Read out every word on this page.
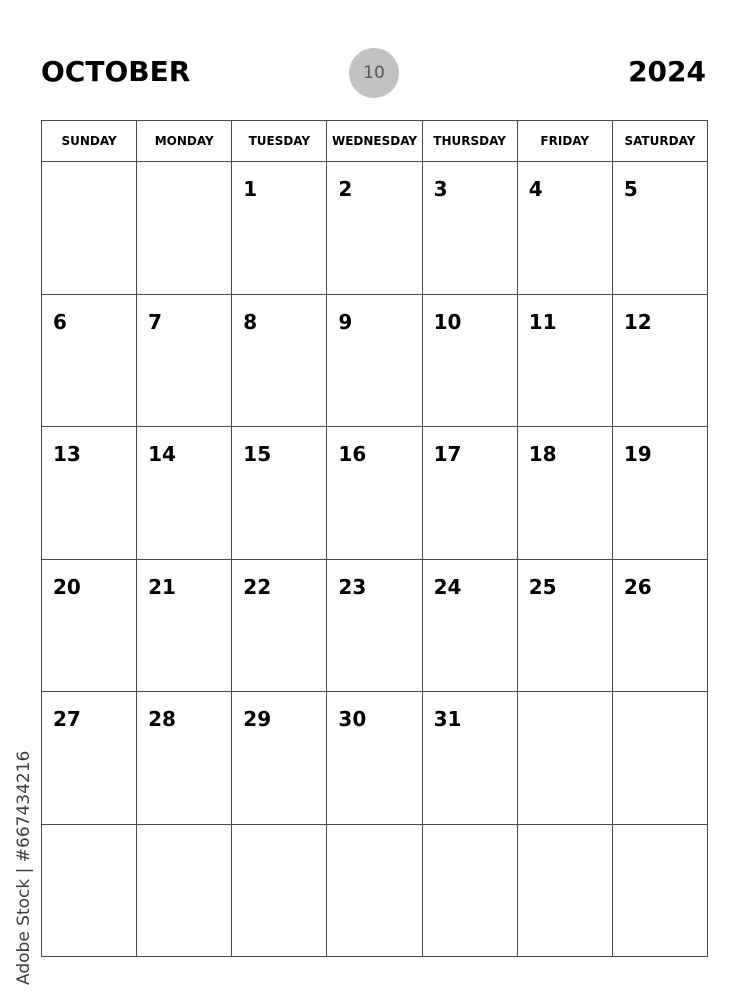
OCTOBER	10	2024
SUNDAY	MONDAY	TUESDAY	WEDNESDAY	THURSDAY	FRIDAY	SATURDAY

		1	2	3	4	5

6	7	8	9	10	11	12

13	14	15	16	17	18	19

20	21	22	23	24	25	26

27	28	29	30	31		

Adobe Stock | #667434216
